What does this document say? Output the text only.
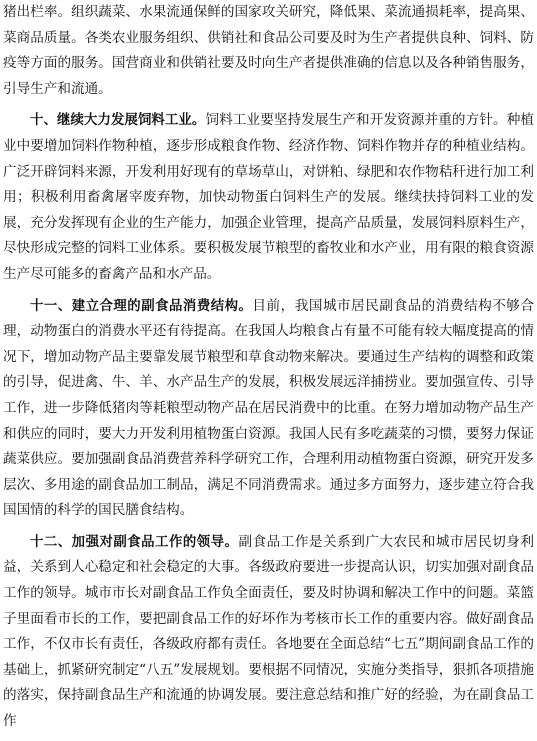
猪出栏率。组织蔬菜、水果流通保鲜的国家攻关研究，降低果、菜流通损耗率，提高果、菜商品质量。各类农业服务组织、供销社和食品公司要及时为生产者提供良种、饲料、防疫等方面的服务。国营商业和供销社要及时向生产者提供准确的信息以及各种销售服务，引导生产和流通。

十、继续大力发展饲料工业。饲料工业要坚持发展生产和开发资源并重的方针。种植业中要增加饲料作物种植，逐步形成粮食作物、经济作物、饲料作物并存的种植业结构。广泛开辟饲料来源，开发利用好现有的草场草山，对饼粕、绿肥和农作物秸秆进行加工利用；积极利用畜禽屠宰废弃物，加快动物蛋白饲料生产的发展。继续扶持饲料工业的发展，充分发挥现有企业的生产能力，加强企业管理，提高产品质量，发展饲料原料生产，尽快形成完整的饲料工业体系。要积极发展节粮型的畜牧业和水产业，用有限的粮食资源生产尽可能多的畜禽产品和水产品。

十一、建立合理的副食品消费结构。目前，我国城市居民副食品的消费结构不够合理，动物蛋白的消费水平还有待提高。在我国人均粮食占有量不可能有较大幅度提高的情况下，增加动物产品主要靠发展节粮型和草食动物来解决。要通过生产结构的调整和政策的引导，促进禽、牛、羊、水产品生产的发展，积极发展远洋捕捞业。要加强宣传、引导工作，进一步降低猪肉等耗粮型动物产品在居民消费中的比重。在努力增加动物产品生产和供应的同时，要大力开发利用植物蛋白资源。我国人民有多吃蔬菜的习惯，要努力保证蔬菜供应。要加强副食品消费营养科学研究工作，合理利用动植物蛋白资源，研究开发多层次、多用途的副食品加工制品，满足不同消费需求。通过多方面努力，逐步建立符合我国国情的科学的国民膳食结构。

十二、加强对副食品工作的领导。副食品工作是关系到广大农民和城市居民切身利益，关系到人心稳定和社会稳定的大事。各级政府要进一步提高认识，切实加强对副食品工作的领导。城市市长对副食品工作负全面责任，要及时协调和解决工作中的问题。菜篮子里面看市长的工作，要把副食品工作的好坏作为考核市长工作的重要内容。做好副食品工作，不仅市长有责任，各级政府都有责任。各地要在全面总结“七五”期间副食品工作的基础上，抓紧研究制定“八五”发展规划。要根据不同情况，实施分类指导，狠抓各项措施的落实，保持副食品生产和流通的协调发展。要注意总结和推广好的经验，为在副食品工作
